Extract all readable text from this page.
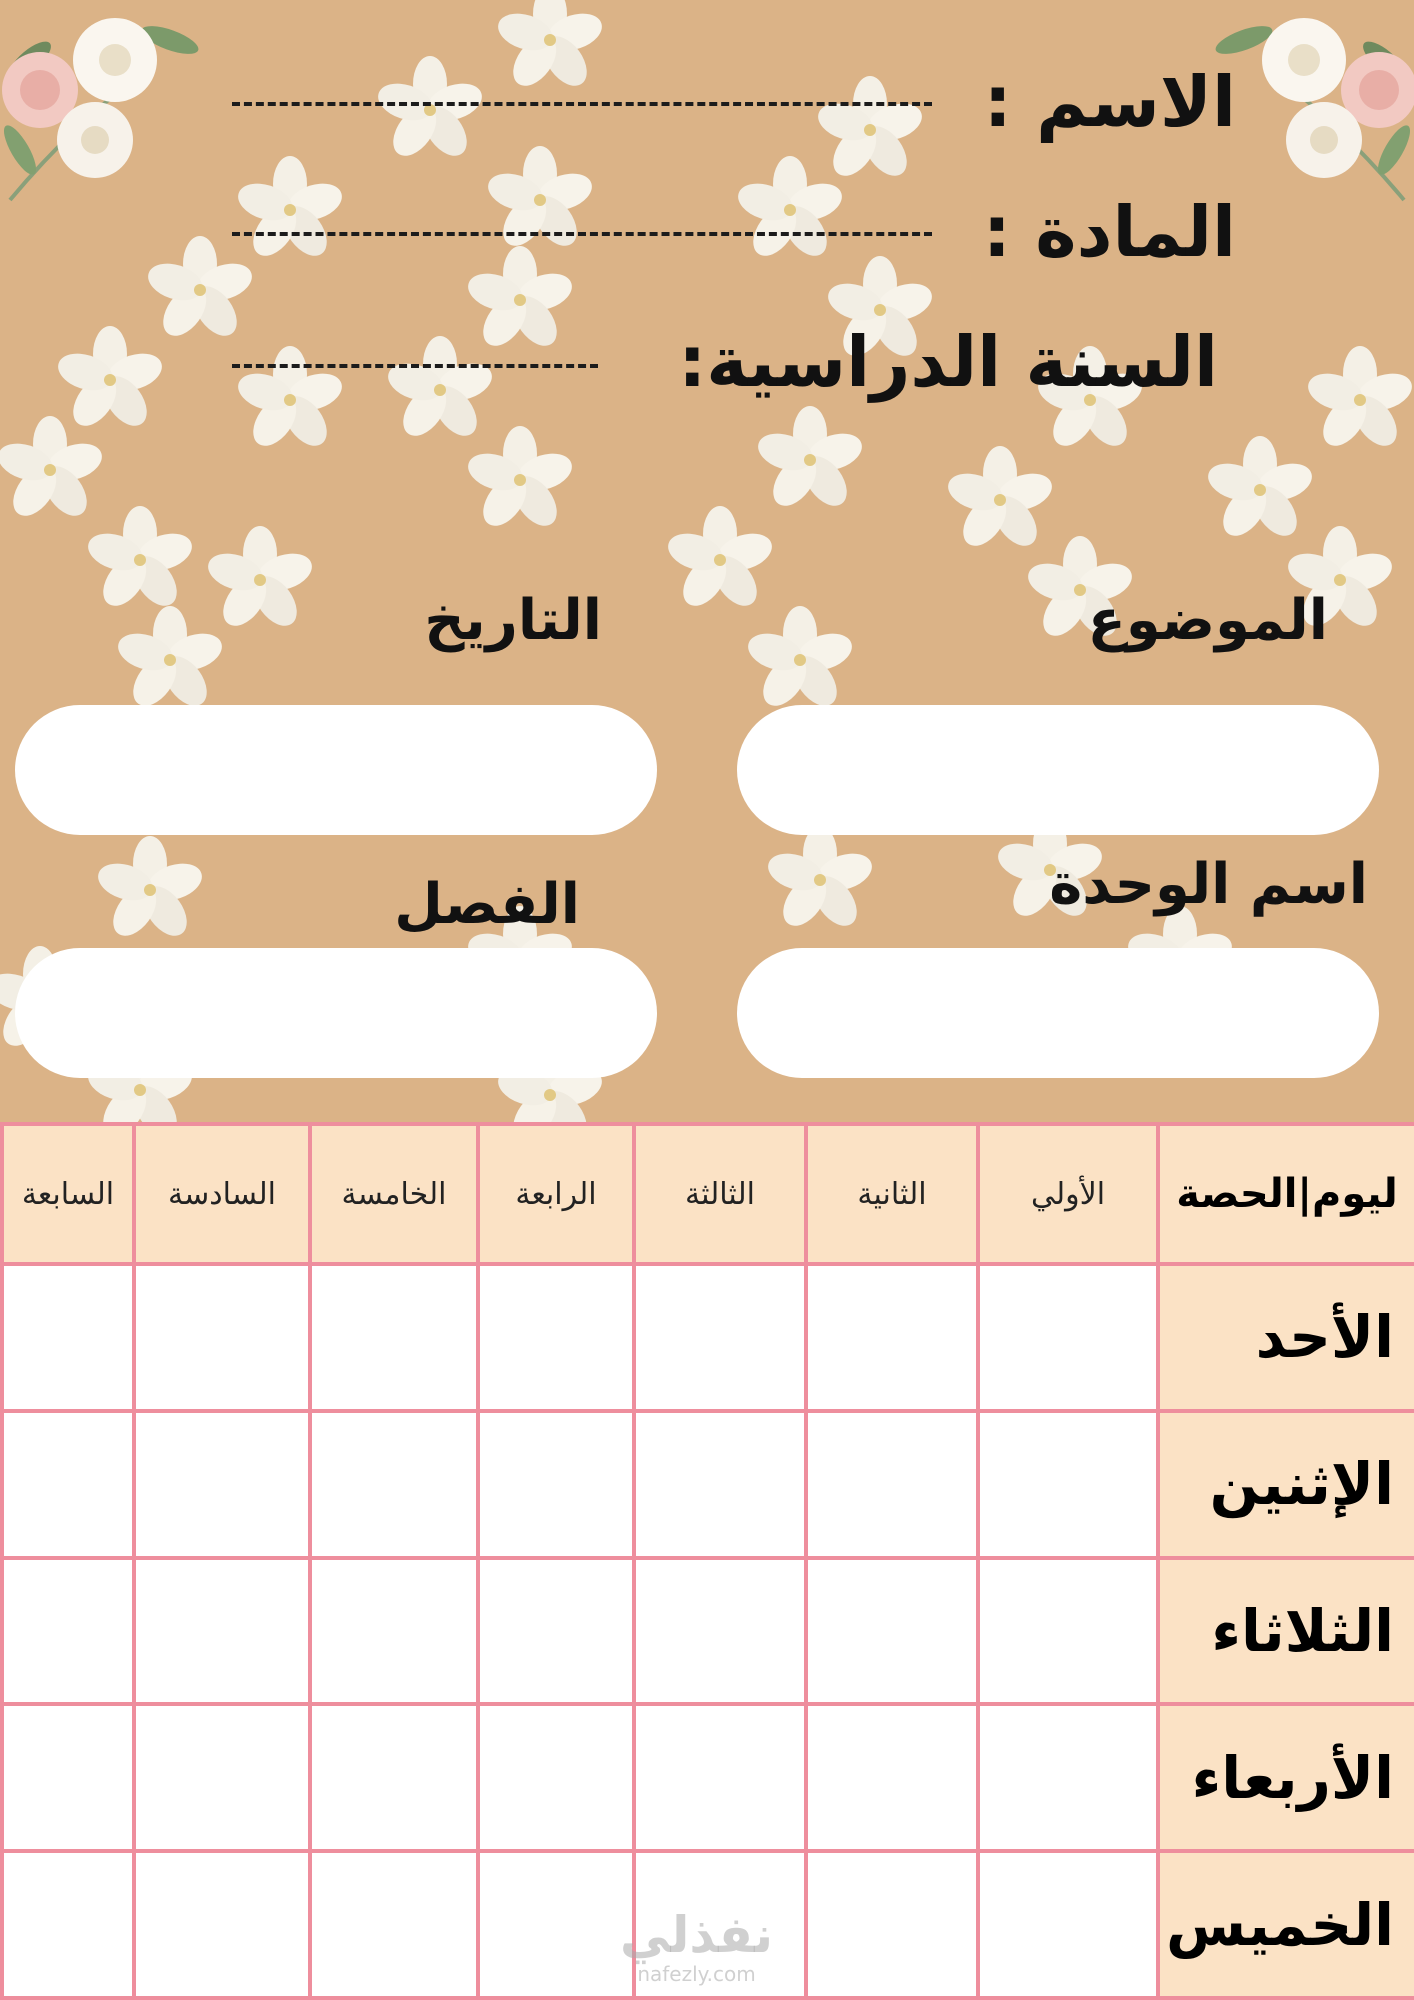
الاسم :
المادة :
السنة الدراسية:
الموضوع
التاريخ
اسم الوحدة
الفصل
السابعة	السادسة	الخامسة	الرابعة	الثالثة	الثانية	الأولي	ليوم|الحصة
							الأحد
							الإثنين
							الثلاثاء
							الأربعاء
							الخميس
نفذلي
nafezly.com
